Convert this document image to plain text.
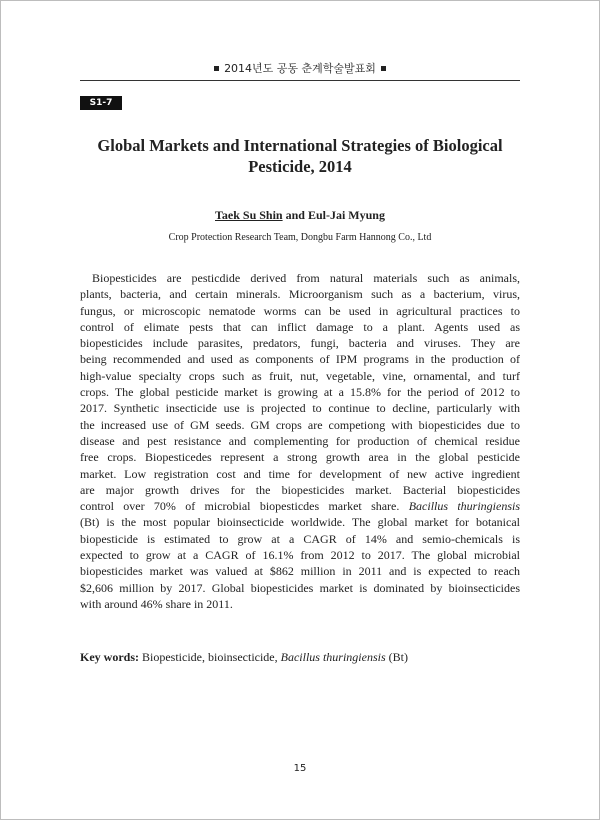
2014년도 공동 춘계학술발표회
S1-7
Global Markets and International Strategies of Biological
Pesticide, 2014
Taek Su Shin and Eul-Jai Myung
Crop Protection Research Team, Dongbu Farm Hannong Co., Ltd
Biopesticides are pesticdide derived from natural materials such as animals,
plants, bacteria, and certain minerals. Microorganism such as a bacterium, virus,
fungus, or microscopic nematode worms can be used in agricultural practices to
control of elimate pests that can inflict damage to a plant. Agents used as
biopesticides include parasites, predators, fungi, bacteria and viruses. They are
being recommended and used as components of IPM programs in the production of
high-value specialty crops such as fruit, nut, vegetable, vine, ornamental, and turf
crops. The global pesticide market is growing at a 15.8% for the period of 2012 to
2017. Synthetic insecticide use is projected to continue to decline, particularly with
the increased use of GM seeds. GM crops are competiong with biopesticides due to
disease and pest resistance and complementing for production of chemical residue
free crops. Biopesticedes represent a strong growth area in the global pesticide
market. Low registration cost and time for development of new active ingredient
are major growth drives for the biopesticides market. Bacterial biopesticides
control over 70% of microbial biopesticdes market share. Bacillus thuringiensis
(Bt) is the most popular bioinsecticide worldwide. The global market for botanical
biopesticide is estimated to grow at a CAGR of 14% and semio-chemicals is
expected to grow at a CAGR of 16.1% from 2012 to 2017. The global microbial
biopesticides market was valued at $862 million in 2011 and is expected to reach
$2,606 million by 2017. Global biopesticides market is dominated by bioinsecticides
with around 46% share in 2011.
Key words: Biopesticide, bioinsecticide, Bacillus thuringiensis (Bt)
15
